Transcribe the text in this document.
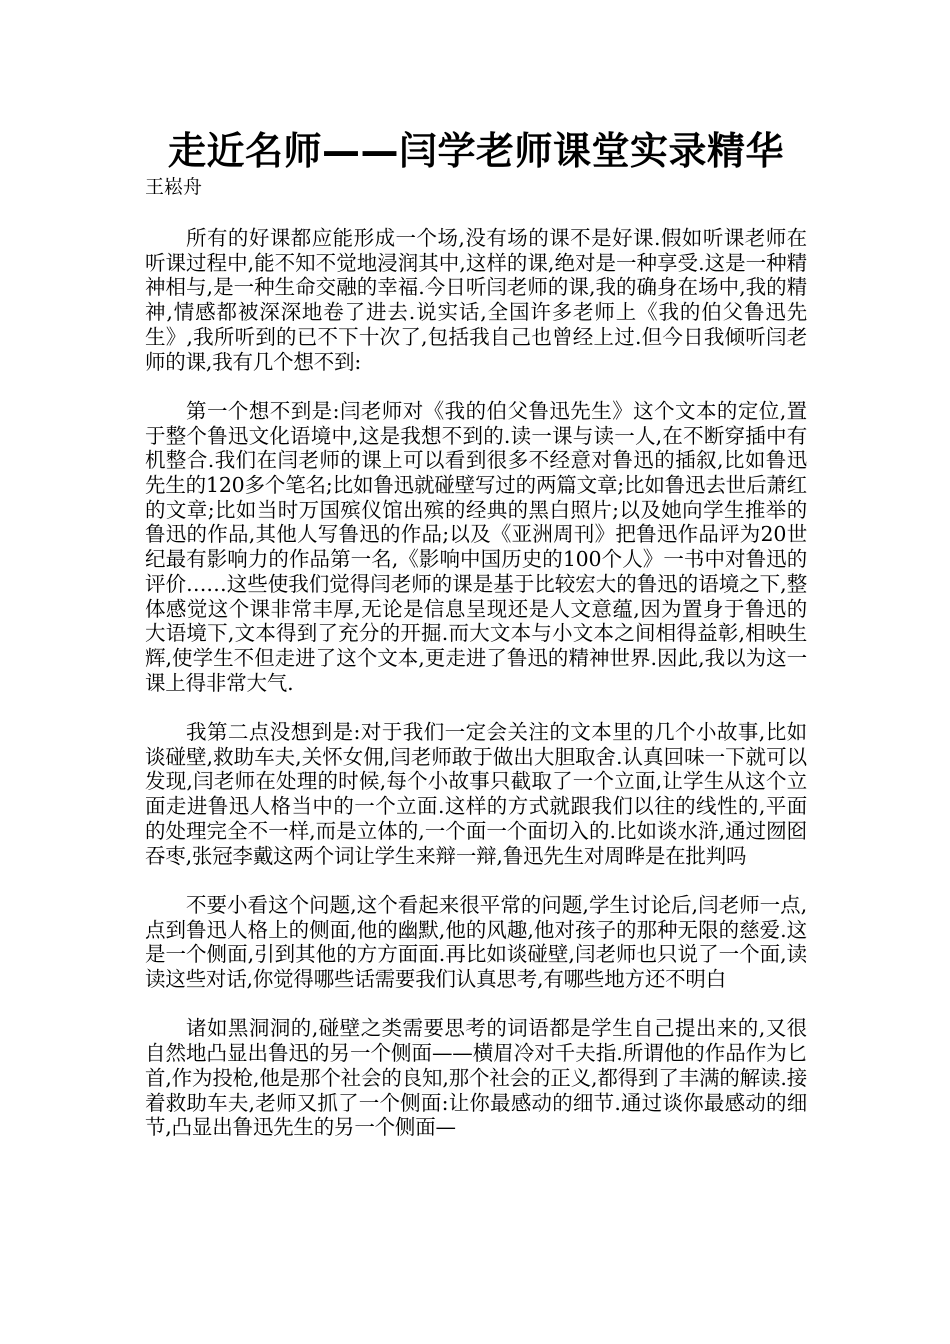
走近名师——闫学老师课堂实录精华
王崧舟

所有的好课都应能形成一个场,没有场的课不是好课.假如听课老师在听课过程中,能不知不觉地浸润其中,这样的课,绝对是一种享受.这是一种精神相与,是一种生命交融的幸福.今日听闫老师的课,我的确身在场中,我的精神,情感都被深深地卷了进去.说实话,全国许多老师上《我的伯父鲁迅先生》,我所听到的已不下十次了,包括我自己也曾经上过.但今日我倾听闫老师的课,我有几个想不到:

第一个想不到是:闫老师对《我的伯父鲁迅先生》这个文本的定位,置于整个鲁迅文化语境中,这是我想不到的.读一课与读一人,在不断穿插中有机整合.我们在闫老师的课上可以看到很多不经意对鲁迅的插叙,比如鲁迅先生的120多个笔名;比如鲁迅就碰壁写过的两篇文章;比如鲁迅去世后萧红的文章;比如当时万国殡仪馆出殡的经典的黑白照片;以及她向学生推举的鲁迅的作品,其他人写鲁迅的作品;以及《亚洲周刊》把鲁迅作品评为20世纪最有影响力的作品第一名,《影响中国历史的100个人》一书中对鲁迅的评价……这些使我们觉得闫老师的课是基于比较宏大的鲁迅的语境之下,整体感觉这个课非常丰厚,无论是信息呈现还是人文意蕴,因为置身于鲁迅的大语境下,文本得到了充分的开掘.而大文本与小文本之间相得益彰,相映生辉,使学生不但走进了这个文本,更走进了鲁迅的精神世界.因此,我以为这一课上得非常大气.

我第二点没想到是:对于我们一定会关注的文本里的几个小故事,比如谈碰壁,救助车夫,关怀女佣,闫老师敢于做出大胆取舍.认真回味一下就可以发现,闫老师在处理的时候,每个小故事只截取了一个立面,让学生从这个立面走进鲁迅人格当中的一个立面.这样的方式就跟我们以往的线性的,平面的处理完全不一样,而是立体的,一个面一个面切入的.比如谈水浒,通过囫囵吞枣,张冠李戴这两个词让学生来辩一辩,鲁迅先生对周晔是在批判吗

不要小看这个问题,这个看起来很平常的问题,学生讨论后,闫老师一点,点到鲁迅人格上的侧面,他的幽默,他的风趣,他对孩子的那种无限的慈爱.这是一个侧面,引到其他的方方面面.再比如谈碰壁,闫老师也只说了一个面,读读这些对话,你觉得哪些话需要我们认真思考,有哪些地方还不明白

诸如黑洞洞的,碰壁之类需要思考的词语都是学生自己提出来的,又很自然地凸显出鲁迅的另一个侧面——横眉冷对千夫指.所谓他的作品作为匕首,作为投枪,他是那个社会的良知,那个社会的正义,都得到了丰满的解读.接着救助车夫,老师又抓了一个侧面:让你最感动的细节.通过谈你最感动的细节,凸显出鲁迅先生的另一个侧面—
